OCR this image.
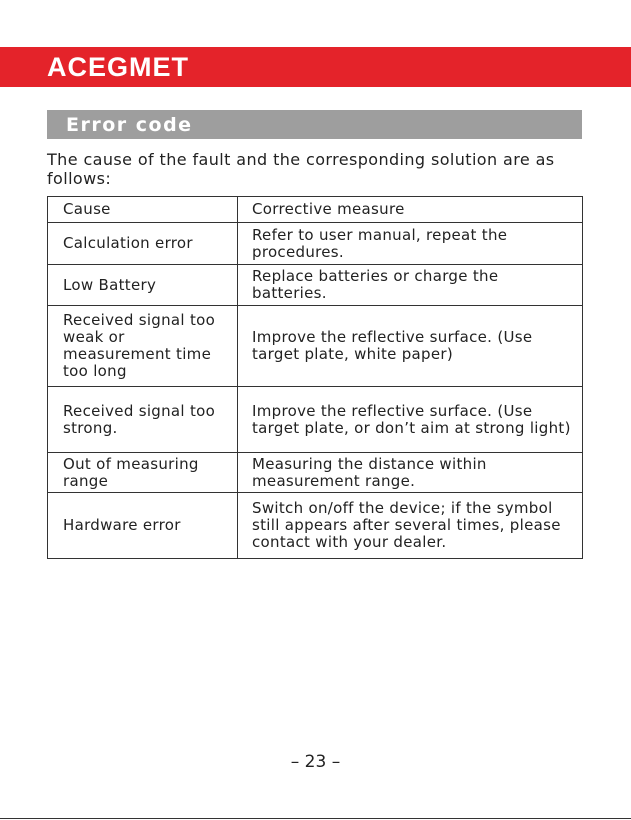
ACEGMET
Error code

The cause of the fault and the corresponding solution are as follows:

Cause	Corrective measure
Calculation error	Refer to user manual, repeat the procedures.
Low Battery	Replace batteries or charge the batteries.
Received signal too weak or measurement time too long	Improve the reflective surface. (Use target plate, white paper)
Received signal too strong.	Improve the reflective surface. (Use target plate, or don’t aim at strong light)
Out of measuring range	Measuring the distance within measurement range.
Hardware error	Switch on/off the device; if the symbol still appears after several times, please contact with your dealer.
– 23 –
